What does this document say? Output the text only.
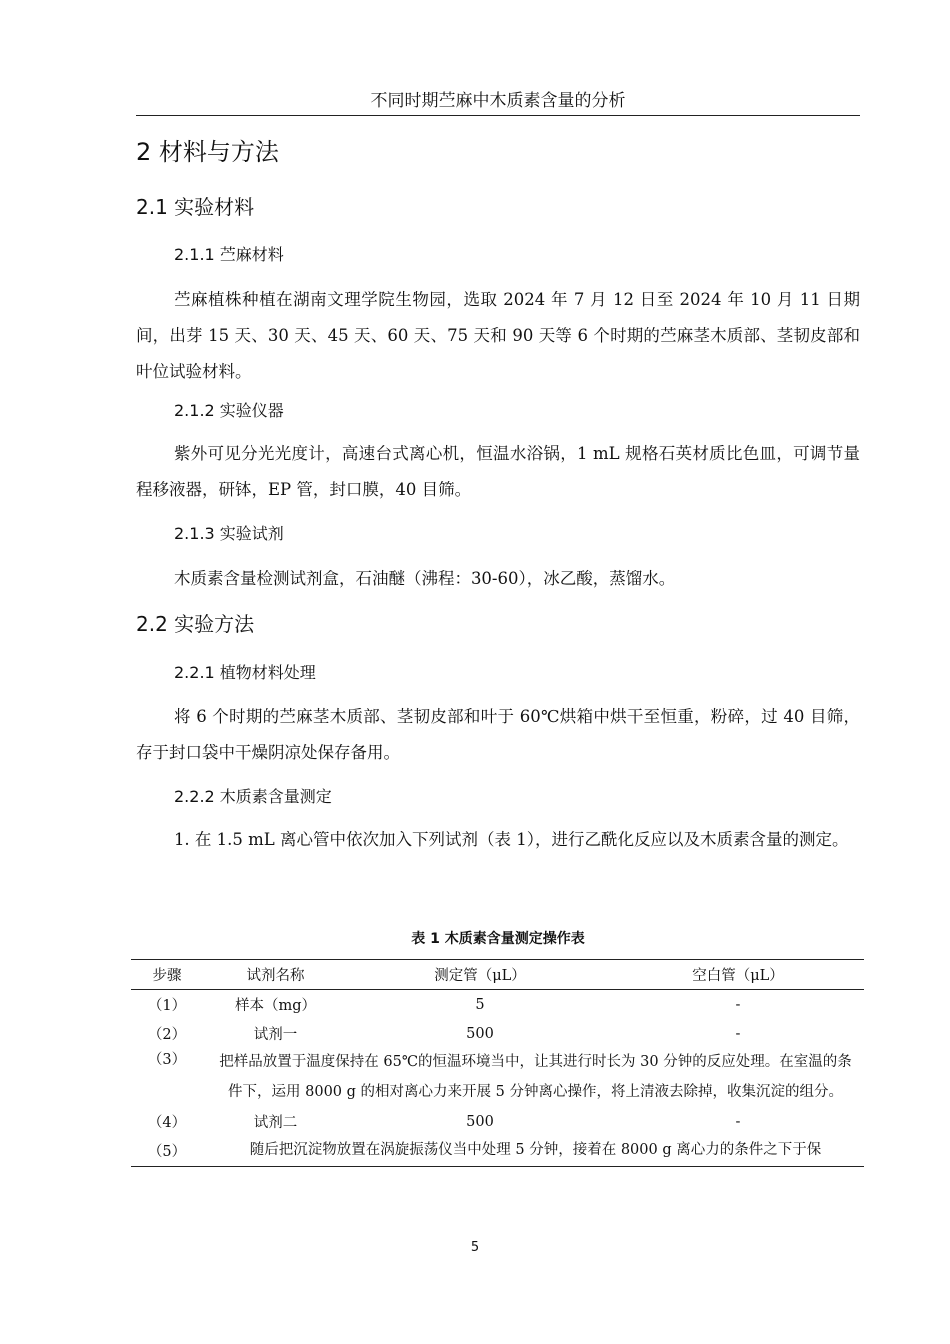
不同时期苎麻中木质素含量的分析
2 材料与方法
2.1 实验材料
2.1.1 苎麻材料

苎麻植株种植在湖南文理学院生物园，选取 2024 年 7 月 12 日至 2024 年 10 月 11 日期间，出芽 15 天、30 天、45 天、60 天、75 天和 90 天等 6 个时期的苎麻茎木质部、茎韧皮部和叶位试验材料。

2.1.2 实验仪器

紫外可见分光光度计，高速台式离心机，恒温水浴锅，1 mL 规格石英材质比色皿，可调节量程移液器，研钵，EP 管，封口膜，40 目筛。

2.1.3 实验试剂

木质素含量检测试剂盒，石油醚（沸程：30-60），冰乙酸，蒸馏水。

2.2 实验方法
2.2.1 植物材料处理

将 6 个时期的苎麻茎木质部、茎韧皮部和叶于 60℃烘箱中烘干至恒重，粉碎，过 40 目筛，存于封口袋中干燥阴凉处保存备用。

2.2.2 木质素含量测定

1. 在 1.5 mL 离心管中依次加入下列试剂（表 1），进行乙酰化反应以及木质素含量的测定。

表 1 木质素含量测定操作表
步骤	试剂名称	测定管（μL）	空白管（μL）
（1）	样本（mg）	5	-
（2）	试剂一	500	-
（3）	把样品放置于温度保持在 65℃的恒温环境当中，让其进行时长为 30 分钟的反应处理。在室温的条件下，运用 8000 g 的相对离心力来开展 5 分钟离心操作，将上清液去除掉，收集沉淀的组分。		
（4）	试剂二	500	-
（5）	随后把沉淀物放置在涡旋振荡仪当中处理 5 分钟，接着在 8000 g 离心力的条件之下于保		
5
